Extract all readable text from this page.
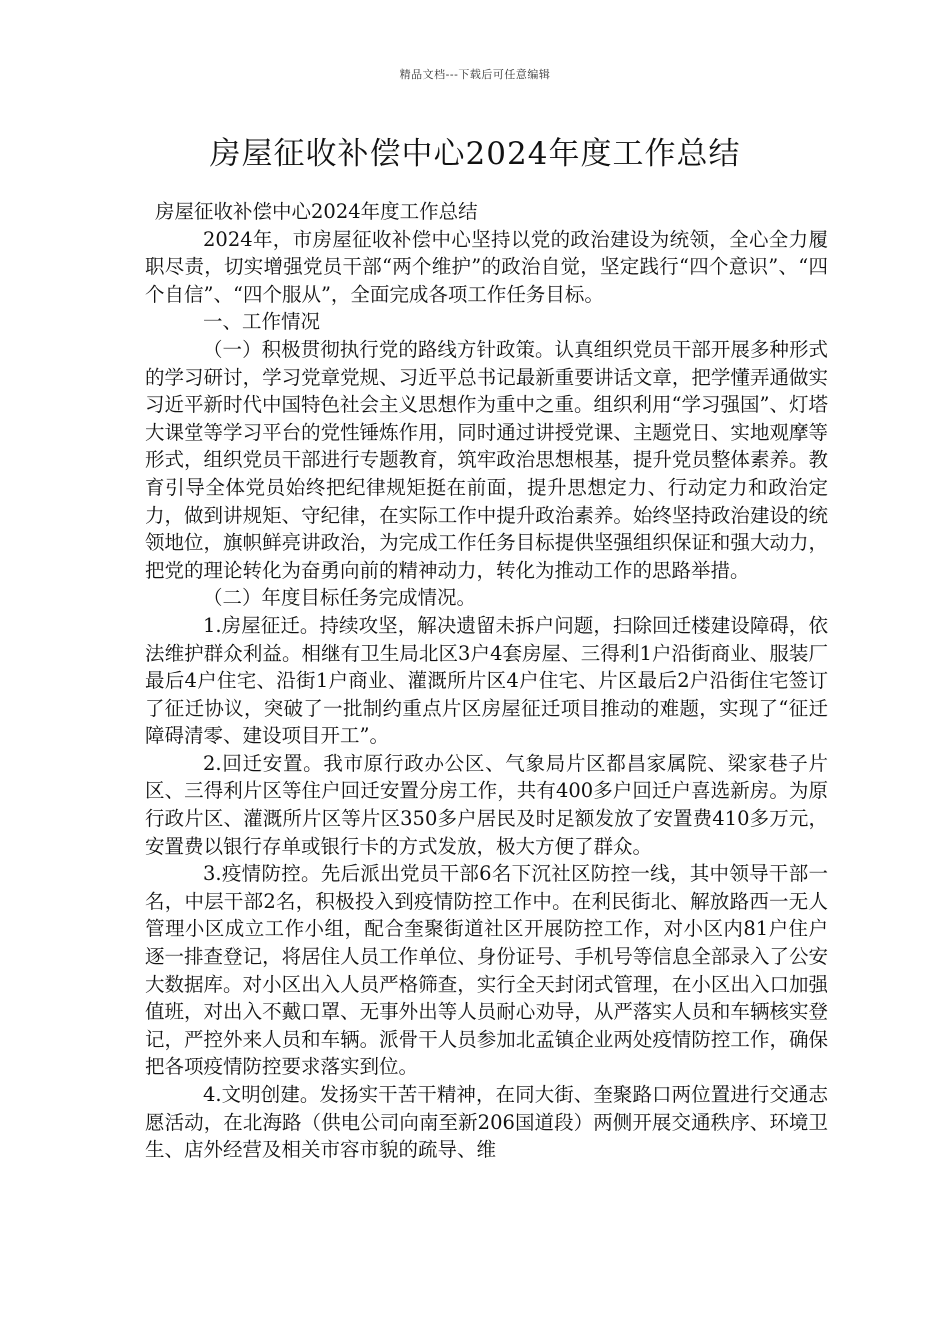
精品文档---下载后可任意编辑
房屋征收补偿中心2024年度工作总结

房屋征收补偿中心2024年度工作总结

2024年，市房屋征收补偿中心坚持以党的政治建设为统领，全心全力履职尽责，切实增强党员干部“两个维护”的政治自觉，坚定践行“四个意识”、“四个自信”、“四个服从”，全面完成各项工作任务目标。

一、工作情况

（一）积极贯彻执行党的路线方针政策。认真组织党员干部开展多种形式的学习研讨，学习党章党规、习近平总书记最新重要讲话文章，把学懂弄通做实习近平新时代中国特色社会主义思想作为重中之重。组织利用“学习强国”、灯塔大课堂等学习平台的党性锤炼作用，同时通过讲授党课、主题党日、实地观摩等形式，组织党员干部进行专题教育，筑牢政治思想根基，提升党员整体素养。教育引导全体党员始终把纪律规矩挺在前面，提升思想定力、行动定力和政治定力，做到讲规矩、守纪律，在实际工作中提升政治素养。始终坚持政治建设的统领地位，旗帜鲜亮讲政治，为完成工作任务目标提供坚强组织保证和强大动力，把党的理论转化为奋勇向前的精神动力，转化为推动工作的思路举措。

（二）年度目标任务完成情况。

1.房屋征迁。持续攻坚，解决遗留未拆户问题，扫除回迁楼建设障碍，依法维护群众利益。相继有卫生局北区3户4套房屋、三得利1户沿街商业、服装厂最后4户住宅、沿街1户商业、灌溉所片区4户住宅、片区最后2户沿街住宅签订了征迁协议，突破了一批制约重点片区房屋征迁项目推动的难题，实现了“征迁障碍清零、建设项目开工”。

2.回迁安置。我市原行政办公区、气象局片区都昌家属院、梁家巷子片区、三得利片区等住户回迁安置分房工作，共有400多户回迁户喜选新房。为原行政片区、灌溉所片区等片区350多户居民及时足额发放了安置费410多万元，安置费以银行存单或银行卡的方式发放，极大方便了群众。

3.疫情防控。先后派出党员干部6名下沉社区防控一线，其中领导干部一名，中层干部2名，积极投入到疫情防控工作中。在利民街北、解放路西一无人管理小区成立工作小组，配合奎聚街道社区开展防控工作，对小区内81户住户逐一排查登记，将居住人员工作单位、身份证号、手机号等信息全部录入了公安大数据库。对小区出入人员严格筛查，实行全天封闭式管理，在小区出入口加强值班，对出入不戴口罩、无事外出等人员耐心劝导，从严落实人员和车辆核实登记，严控外来人员和车辆。派骨干人员参加北孟镇企业两处疫情防控工作，确保把各项疫情防控要求落实到位。

4.文明创建。发扬实干苦干精神，在同大街、奎聚路口两位置进行交通志愿活动，在北海路（供电公司向南至新206国道段）两侧开展交通秩序、环境卫生、店外经营及相关市容市貌的疏导、维
